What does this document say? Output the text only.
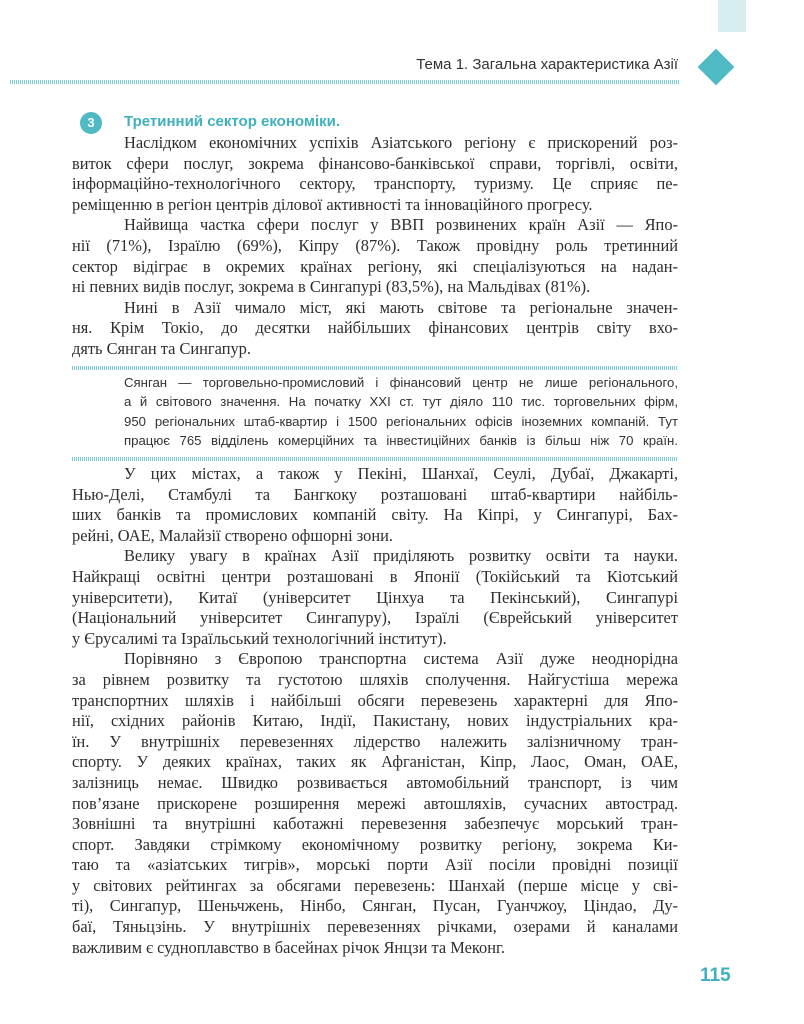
Тема 1. Загальна характеристика Азії
3	Третинний сектор економіки.
Наслідком економічних успіхів Азіатського регіону є прискорений роз-
виток сфери послуг, зокрема фінансово-банківської справи, торгівлі, освіти,
інформаційно-технологічного сектору, транспорту, туризму. Це сприяє пе-
реміщенню в регіон центрів ділової активності та інноваційного прогресу.
Найвища частка сфери послуг у ВВП розвинених країн Азії — Япо-
нії (71%), Ізраїлю (69%), Кіпру (87%). Також провідну роль третинний
сектор відіграє в окремих країнах регіону, які спеціалізуються на надан-
ні певних видів послуг, зокрема в Сингапурі (83,5%), на Мальдівах (81%).
Нині в Азії чимало міст, які мають світове та регіональне значен-
ня. Крім Токіо, до десятки найбільших фінансових центрів світу вхо-
дять Сянган та Сингапур.
Сянган — торговельно-промисловий і фінансовий центр не лише регіонального,
а й світового значення. На початку XXI ст. тут діяло 110 тис. торговельних фірм,
950 регіональних штаб-квартир і 1500 регіональних офісів іноземних компаній. Тут
працює 765 відділень комерційних та інвестиційних банків із більш ніж 70 країн.
У цих містах, а також у Пекіні, Шанхаї, Сеулі, Дубаї, Джакарті,
Нью-Делі, Стамбулі та Бангкоку розташовані штаб-квартири найбіль-
ших банків та промислових компаній світу. На Кіпрі, у Сингапурі, Бах-
рейні, ОАЕ, Малайзії створено офшорні зони.
Велику увагу в країнах Азії приділяють розвитку освіти та науки.
Найкращі освітні центри розташовані в Японії (Токійський та Кіотський
університети), Китаї (університет Цінхуа та Пекінський), Сингапурі
(Національний університет Сингапуру), Ізраїлі (Єврейський університет
у Єрусалимі та Ізраїльський технологічний інститут).
Порівняно з Європою транспортна система Азії дуже неоднорідна
за рівнем розвитку та густотою шляхів сполучення. Найгустіша мережа
транспортних шляхів і найбільші обсяги перевезень характерні для Япо-
нії, східних районів Китаю, Індії, Пакистану, нових індустріальних кра-
їн. У внутрішніх перевезеннях лідерство належить залізничному тран-
спорту. У деяких країнах, таких як Афганістан, Кіпр, Лаос, Оман, ОАЕ,
залізниць немає. Швидко розвивається автомобільний транспорт, із чим
пов’язане прискорене розширення мережі автошляхів, сучасних автострад.
Зовнішні та внутрішні каботажні перевезення забезпечує морський тран-
спорт. Завдяки стрімкому економічному розвитку регіону, зокрема Ки-
таю та «азіатських тигрів», морські порти Азії посіли провідні позиції
у світових рейтингах за обсягами перевезень: Шанхай (перше місце у сві-
ті), Сингапур, Шеньчжень, Нінбо, Сянган, Пусан, Гуанчжоу, Ціндао, Ду-
баї, Тяньцзінь. У внутрішніх перевезеннях річками, озерами й каналами
важливим є судноплавство в басейнах річок Янцзи та Меконг.
115
